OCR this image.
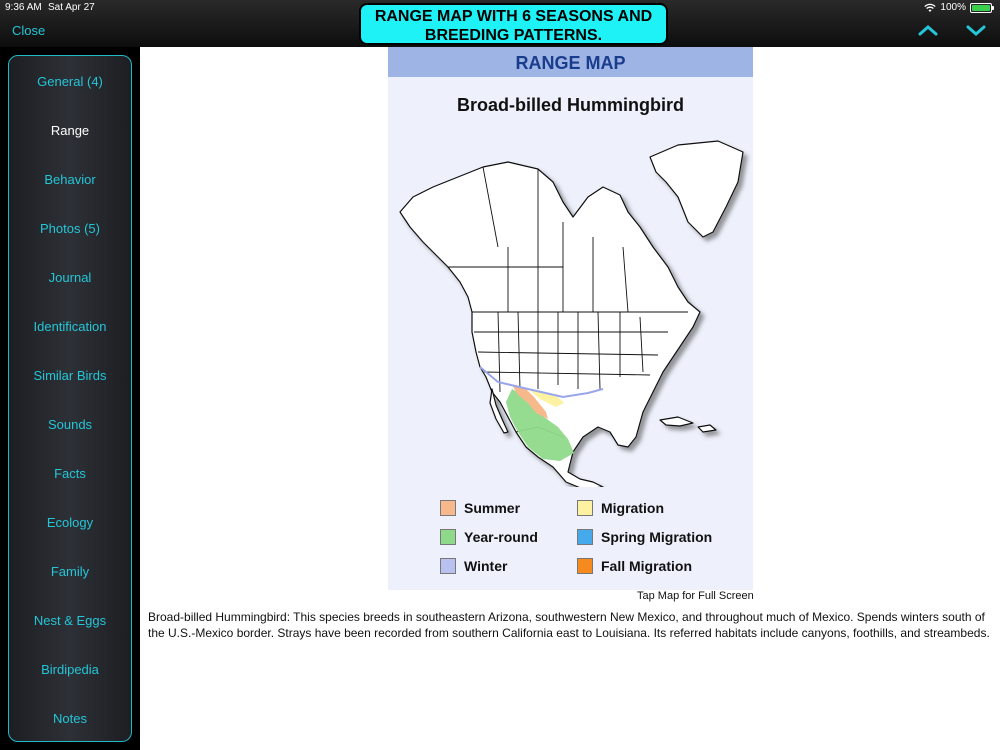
9:36 AM Sat Apr 27	100%
Close
RANGE MAP WITH 6 SEASONS AND
BREEDING PATTERNS.
General (4)
Range
Behavior
Photos (5)
Journal
Identification
Similar Birds
Sounds
Facts
Ecology
Family
Nest & Eggs
Birdipedia
Notes
RANGE MAP
Broad-billed Hummingbird
Summer	Migration
Year-round	Spring Migration
Winter	Fall Migration
Tap Map for Full Screen
Broad-billed Hummingbird: This species breeds in southeastern Arizona, southwestern New Mexico, and throughout much of Mexico. Spends winters south of the U.S.-Mexico border. Strays have been recorded from southern California east to Louisiana. Its referred habitats include canyons, foothills, and streambeds.
